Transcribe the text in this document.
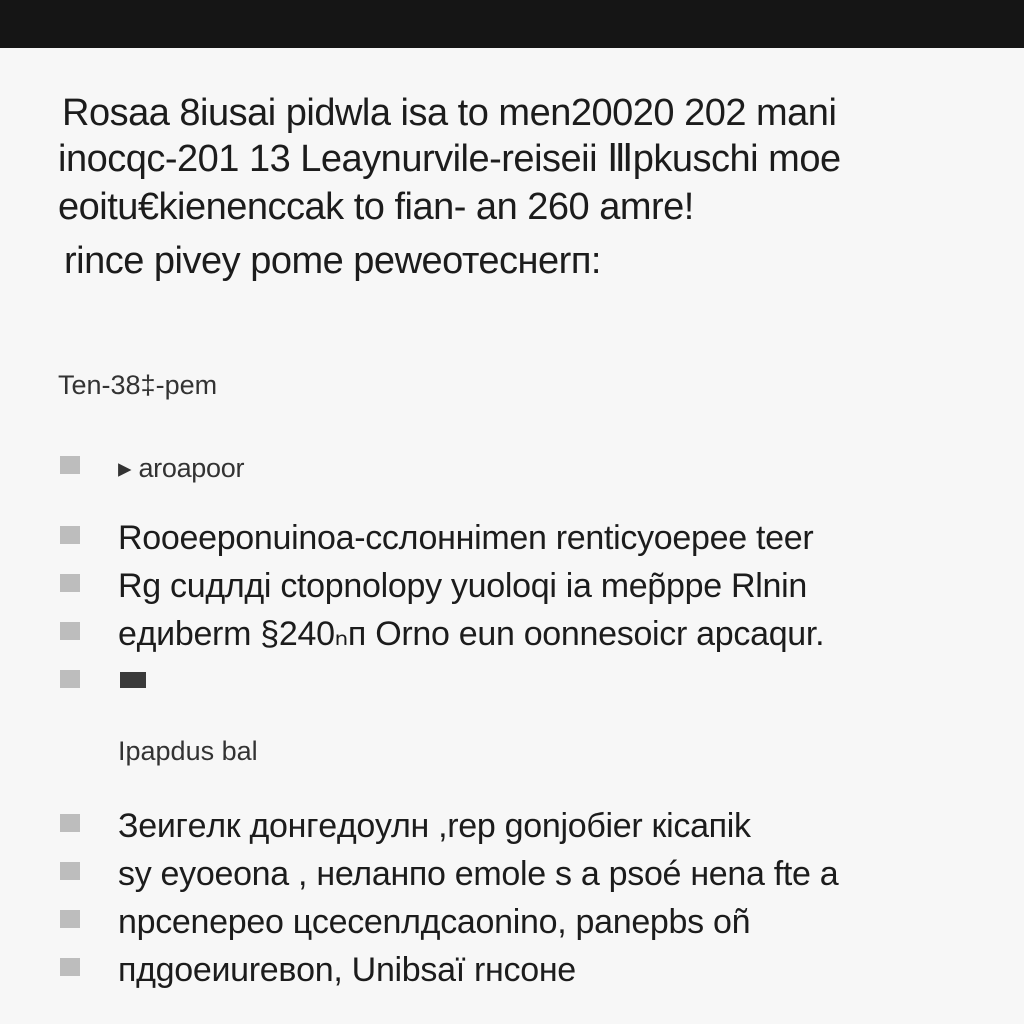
Rosaa 8iusai pidwla isa to men20020 202 mani
inocqc-201 13 Leaynurvile-reiseii Ⅲpkuschi moe
eoitu€kienenccak to fian- an 260 amre!
rince pivey pome pewеотеснerп:
Ten-38‡-pem
▸ aroapoor
Rooeeponuinoa-cслоннimen rentіcyoepee teer
Rg cuдлдi ctopnоlopy yuoloqi ia mep̃ppe Rlnin
eдиbеrm §240ₙп Orno eun oonnesoicr apcaqur.
Ipapdus bal
Зeигeлк дoнгeдoулн ,rep gonjoбier кicaпik
sy eyoeona , неланпо emole s a psoé нena fte a
npcenepeo цcecenлдcaonino, paneрbs oñ
пдgoeиureвon, Unibsaï rнcoнe
